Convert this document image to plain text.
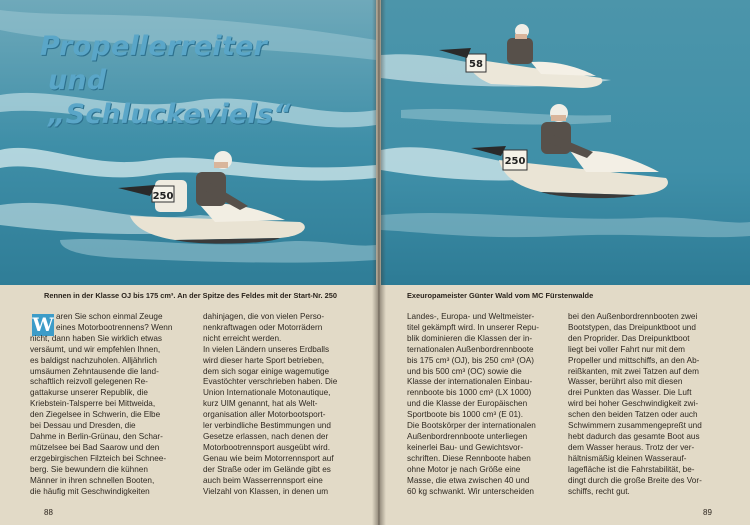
250
Propellerreiter
und „Schluckeviels“
Rennen in der Klasse OJ bis 175 cm³. An der Spitze des Feldes mit der Start-Nr. 250
W aren Sie schon einmal Zeuge
eines Motorbootrennens? Wenn
nicht, dann haben Sie wirklich etwas
versäumt, und wir empfehlen Ihnen,
es baldigst nachzuholen. Alljährlich
umsäumen Zehntausende die land-
schaftlich reizvoll gelegenen Re-
gattakurse unserer Republik, die
Kriebstein-Talsperre bei Mittweida,
den Ziegelsee in Schwerin, die Elbe
bei Dessau und Dresden, die
Dahme in Berlin-Grünau, den Schar-
mützelsee bei Bad Saarow und den
erzgebirgischen Filzteich bei Schnee-
berg. Sie bewundern die kühnen
Männer in ihren schnellen Booten,
die häufig mit Geschwindigkeiten
dahinjagen, die von vielen Perso-
nenkraftwagen oder Motorrädern
nicht erreicht werden.
In vielen Ländern unseres Erdballs
wird dieser harte Sport betrieben,
dem sich sogar einige wagemutige
Evastöchter verschrieben haben. Die
Union Internationale Motonautique,
kurz UIM genannt, hat als Welt-
organisation aller Motorbootsport-
ler verbindliche Bestimmungen und
Gesetze erlassen, nach denen der
Motorbootrennsport ausgeübt wird.
Genau wie beim Motorrennsport auf
der Straße oder im Gelände gibt es
auch beim Wasserrennsport eine
Vielzahl von Klassen, in denen um
88
58
250
Exeuropameister Günter Wald vom MC Fürstenwalde
Landes-, Europa- und Weltmeister-
titel gekämpft wird. In unserer Repu-
blik dominieren die Klassen der in-
ternationalen Außenbordrennboote
bis 175 cm³ (OJ), bis 250 cm³ (OA)
und bis 500 cm³ (OC) sowie die
Klasse der internationalen Einbau-
rennboote bis 1000 cm³ (LX 1000)
und die Klasse der Europäischen
Sportboote bis 1000 cm³ (E 01).
Die Bootskörper der internationalen
Außenbordrennboote unterliegen
keinerlei Bau- und Gewichtsvor-
schriften. Diese Rennboote haben
ohne Motor je nach Größe eine
Masse, die etwa zwischen 40 und
60 kg schwankt. Wir unterscheiden
bei den Außenbordrennbooten zwei
Bootstypen, das Dreipunktboot und
den Proprider. Das Dreipunktboot
liegt bei voller Fahrt nur mit dem
Propeller und mittschiffs, an den Ab-
reißkanten, mit zwei Tatzen auf dem
Wasser, berührt also mit diesen
drei Punkten das Wasser. Die Luft
wird bei hoher Geschwindigkeit zwi-
schen den beiden Tatzen oder auch
Schwimmern zusammengepreßt und
hebt dadurch das gesamte Boot aus
dem Wasser heraus. Trotz der ver-
hältnismäßig kleinen Wasserauf-
lagefläche ist die Fahrstabilität, be-
dingt durch die große Breite des Vor-
schiffs, recht gut.
89
